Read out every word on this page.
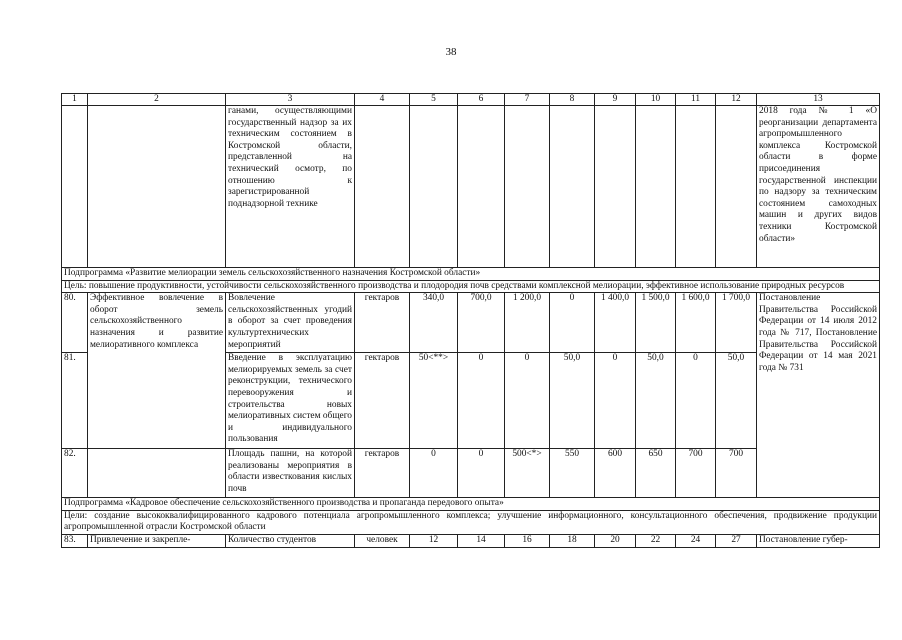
38
1	2	3	4	5	6	7	8	9	10	11	12	13
		ганами, осуществляющими государственный надзор за их техническим состоянием в Костромской области, представленной на технический осмотр, по отношению к зарегистрированной поднадзорной технике										2018 года № 1 «О реорганизации департамента агропромышленного комплекса Костромской области в форме присоединения государственной инспекции по надзору за техническим состоянием самоходных машин и других видов техники Костромской области»
Подпрограмма «Развитие мелиорации земель сельскохозяйственного назначения Костромской области»												
Цель: повышение продуктивности, устойчивости сельскохозяйственного производства и плодородия почв средствами комплексной мелиорации, эффективное использование природных ресурсов												
80.	Эффективное вовлечение в оборот земель сельскохозяйственного назначения и развитие мелиоративного комплекса	Вовлечение сельскохозяйственных угодий в оборот за счет проведения культуртехнических мероприятий	гектаров	340,0	700,0	1 200,0	0	1 400,0	1 500,0	1 600,0	1 700,0	Постановление Правительства Российской Федерации от 14 июля 2012 года № 717, Постановление Правительства Российской Федерации от 14 мая 2021 года № 731
81.		Введение в эксплуатацию мелиорируемых земель за счет реконструкции, технического перевооружения и строительства новых мелиоративных систем общего и индивидуального пользования	гектаров	50<**>	0	0	50,0	0	50,0	0	50,0	
82.		Площадь пашни, на которой реализованы мероприятия в области известкования кислых почв	гектаров	0	0	500<*>	550	600	650	700	700	
Подпрограмма «Кадровое обеспечение сельскохозяйственного производства и пропаганда передового опыта»												
Цели: создание высококвалифицированного кадрового потенциала агропромышленного комплекса; улучшение информационного, консультационного обеспечения, продвижение продукции агропромышленной отрасли Костромской области												
83.	Привлечение и закрепле-	Количество студентов	человек	12	14	16	18	20	22	24	27	Постановление губер-
